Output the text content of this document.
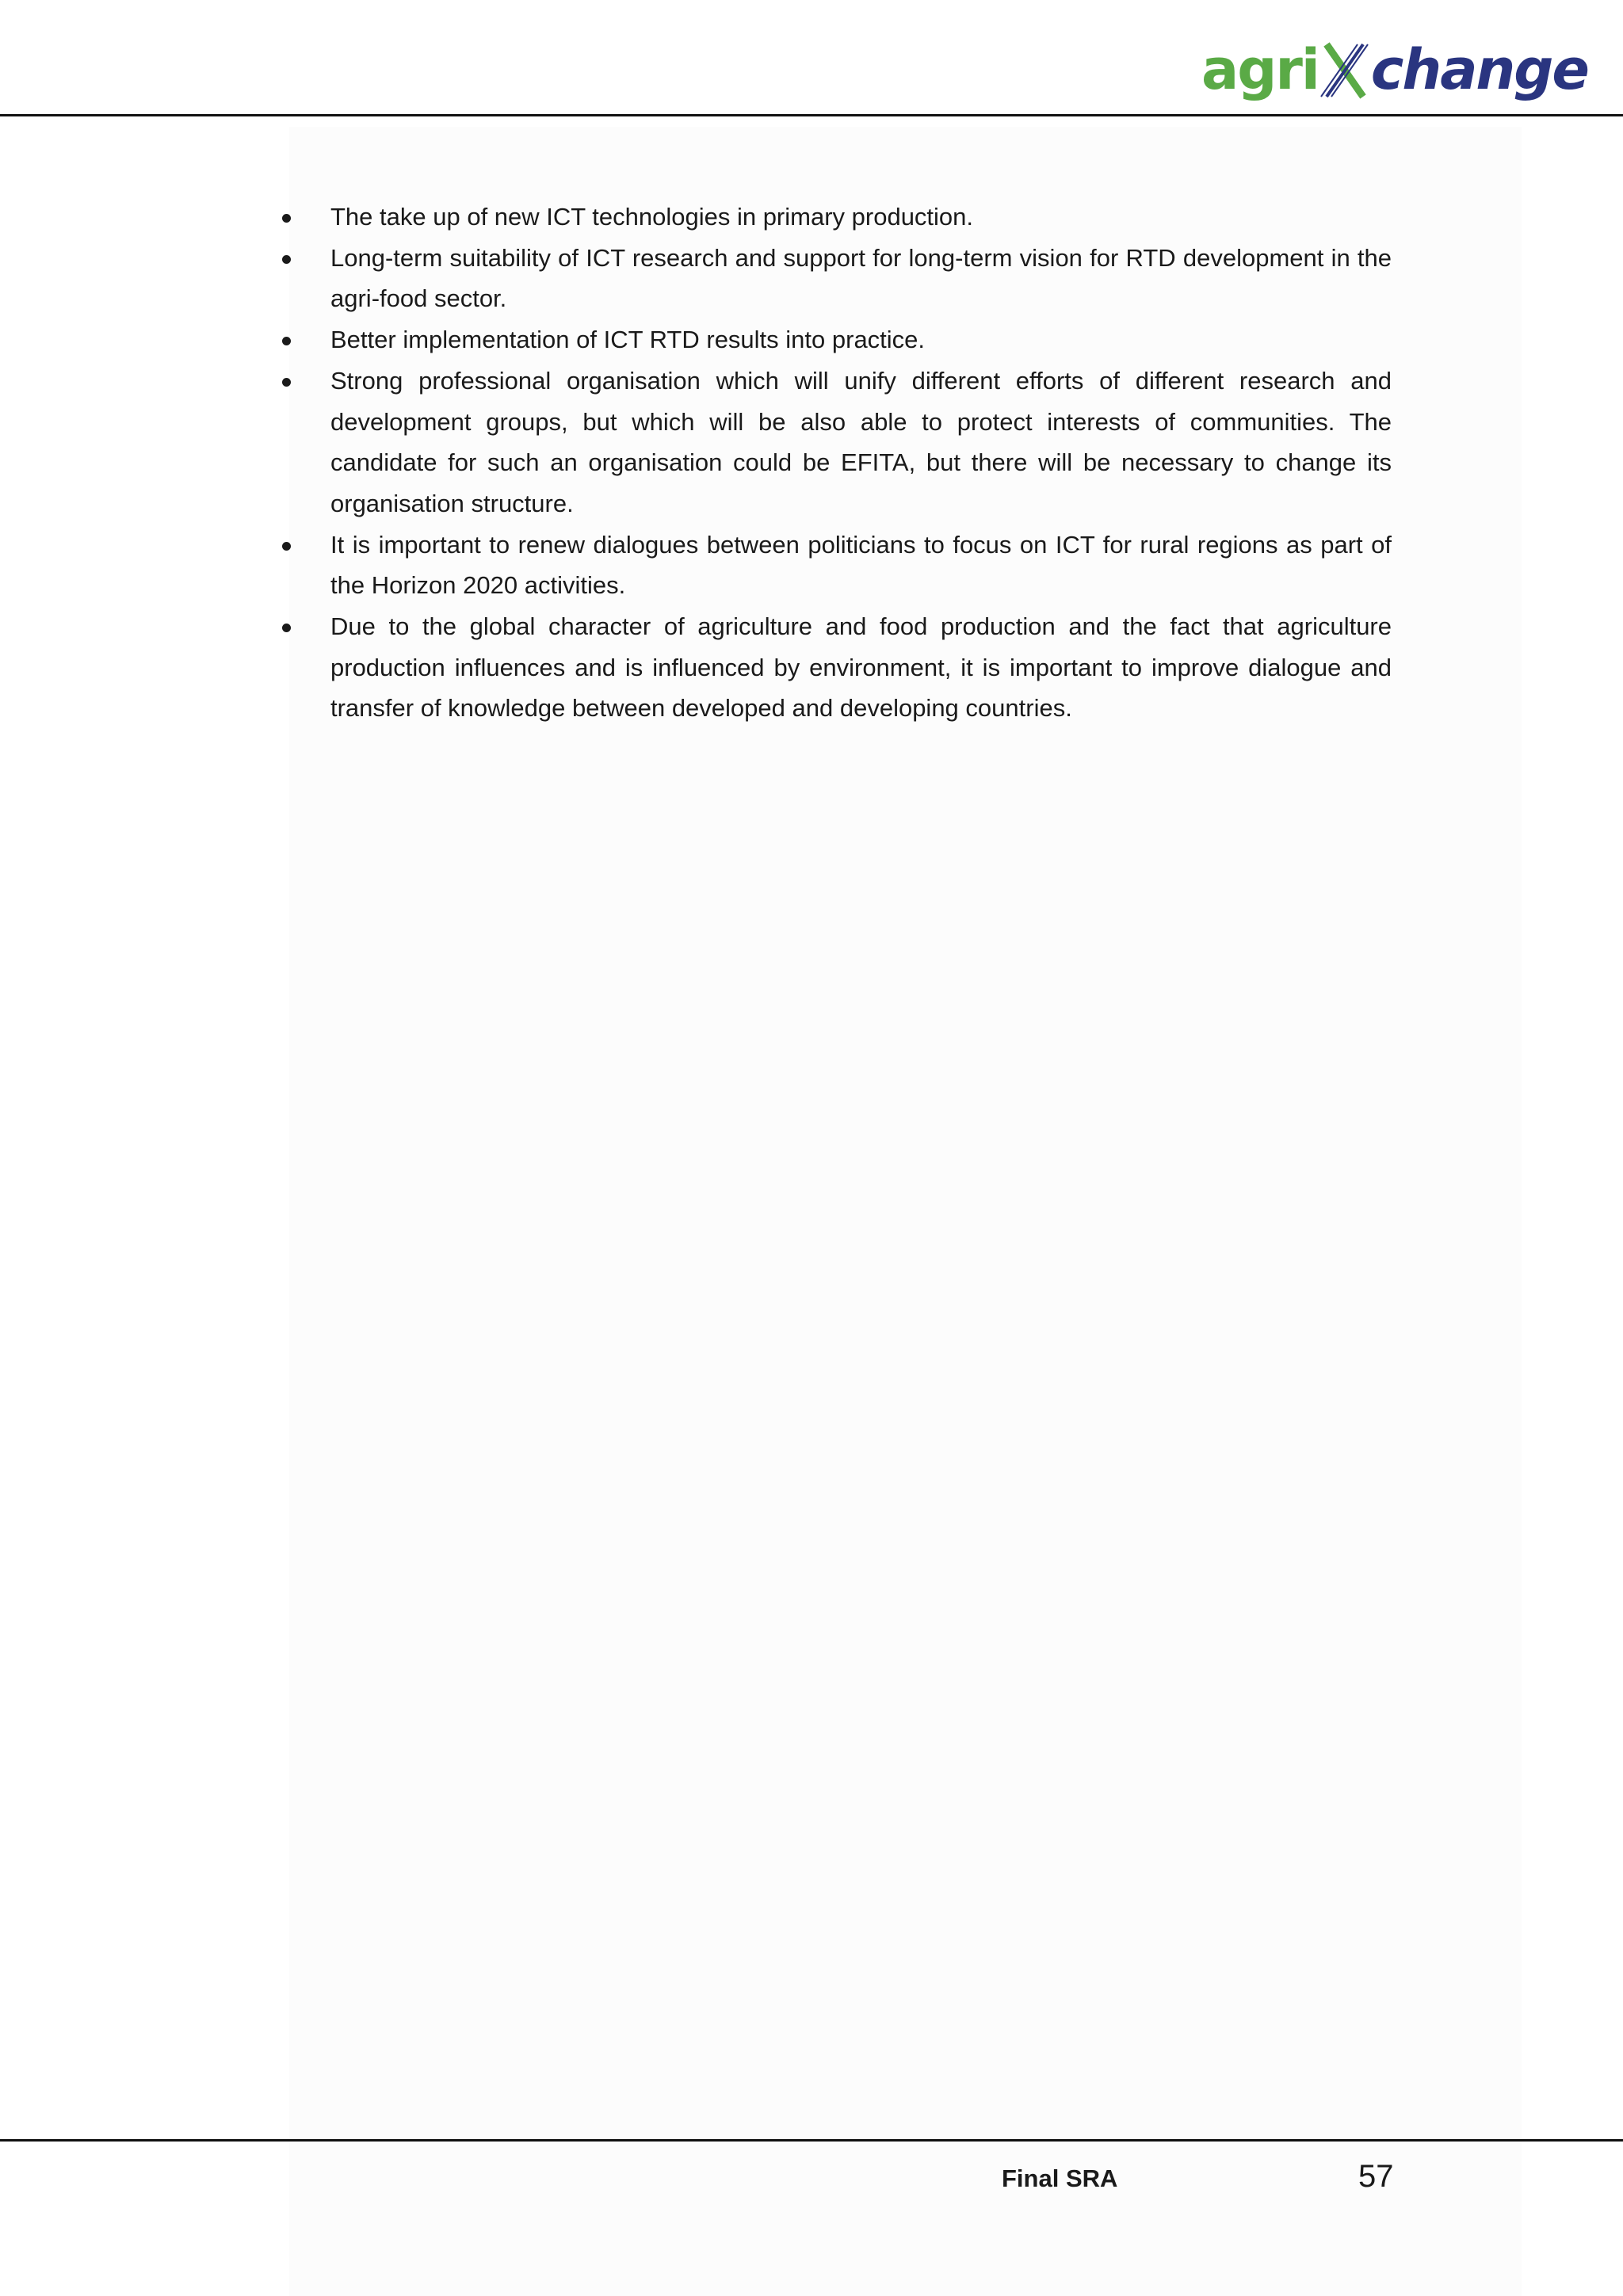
agri change
The take up of new ICT technologies in primary production.
Long-term suitability of ICT research and support for long-term vision for RTD development in the agri-food sector.
Better implementation of ICT RTD results into practice.
Strong professional organisation which will unify different efforts of different research and development groups, but which will be also able to protect interests of communities. The candidate for such an organisation could be EFITA, but there will be necessary to change its organisation structure.
It is important to renew dialogues between politicians to focus on ICT for rural regions as part of the Horizon 2020 activities.
Due to the global character of agriculture and food production and the fact that agriculture production influences and is influenced by environment, it is important to improve dialogue and transfer of knowledge between developed and developing countries.
Final SRA	57
